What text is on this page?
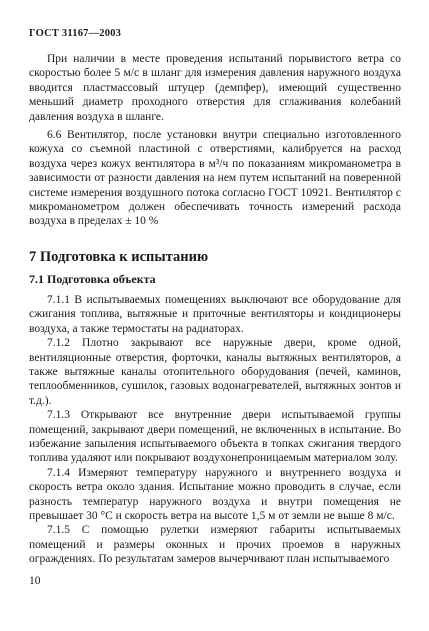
ГОСТ 31167—2003

При наличии в месте проведения испытаний порывистого ветра со скоростью более 5 м/с в шланг для измерения давления наружного воздуха вводится пластмассовый штуцер (демпфер), имеющий существенно меньший диаметр проходного отверстия для сглаживания колебаний давления воздуха в шланге.

6.6 Вентилятор, после установки внутри специально изготовленного кожуха со съемной пластиной с отверстиями, калибруется на расход воздуха через кожух вентилятора в м³/ч по показаниям микроманометра в зависимости от разности давления на нем путем испытаний на поверенной системе измерения воздушного потока согласно ГОСТ 10921. Вентилятор с микроманометром должен обеспечивать точность измерений расхода воздуха в пределах ± 10 %

7 Подготовка к испытанию
7.1 Подготовка объекта

7.1.1 В испытываемых помещениях выключают все оборудование для сжигания топлива, вытяжные и приточные вентиляторы и кондиционеры воздуха, а также термостаты на радиаторах.

7.1.2 Плотно закрывают все наружные двери, кроме одной, вентиляционные отверстия, форточки, каналы вытяжных вентиляторов, а также вытяжные каналы отопительного оборудования (печей, каминов, теплообменников, сушилок, газовых водонагревателей, вытяжных зонтов и т.д.).

7.1.3 Открывают все внутренние двери испытываемой группы помещений, закрывают двери помещений, не включенных в испытание. Во избежание запыления испытываемого объекта в топках сжигания твердого топлива удаляют или покрывают воздухонепроницаемым материалом золу.

7.1.4 Измеряют температуру наружного и внутреннего воздуха и скорость ветра около здания. Испытание можно проводить в случае, если разность температур наружного воздуха и внутри помещения не превышает 30 °С и скорость ветра на высоте 1,5 м от земли не выше 8 м/с.

7.1.5 С помощью рулетки измеряют габариты испытываемых помещений и размеры оконных и прочих проемов в наружных ограждениях. По результатам замеров вычерчивают план испытываемого

10
